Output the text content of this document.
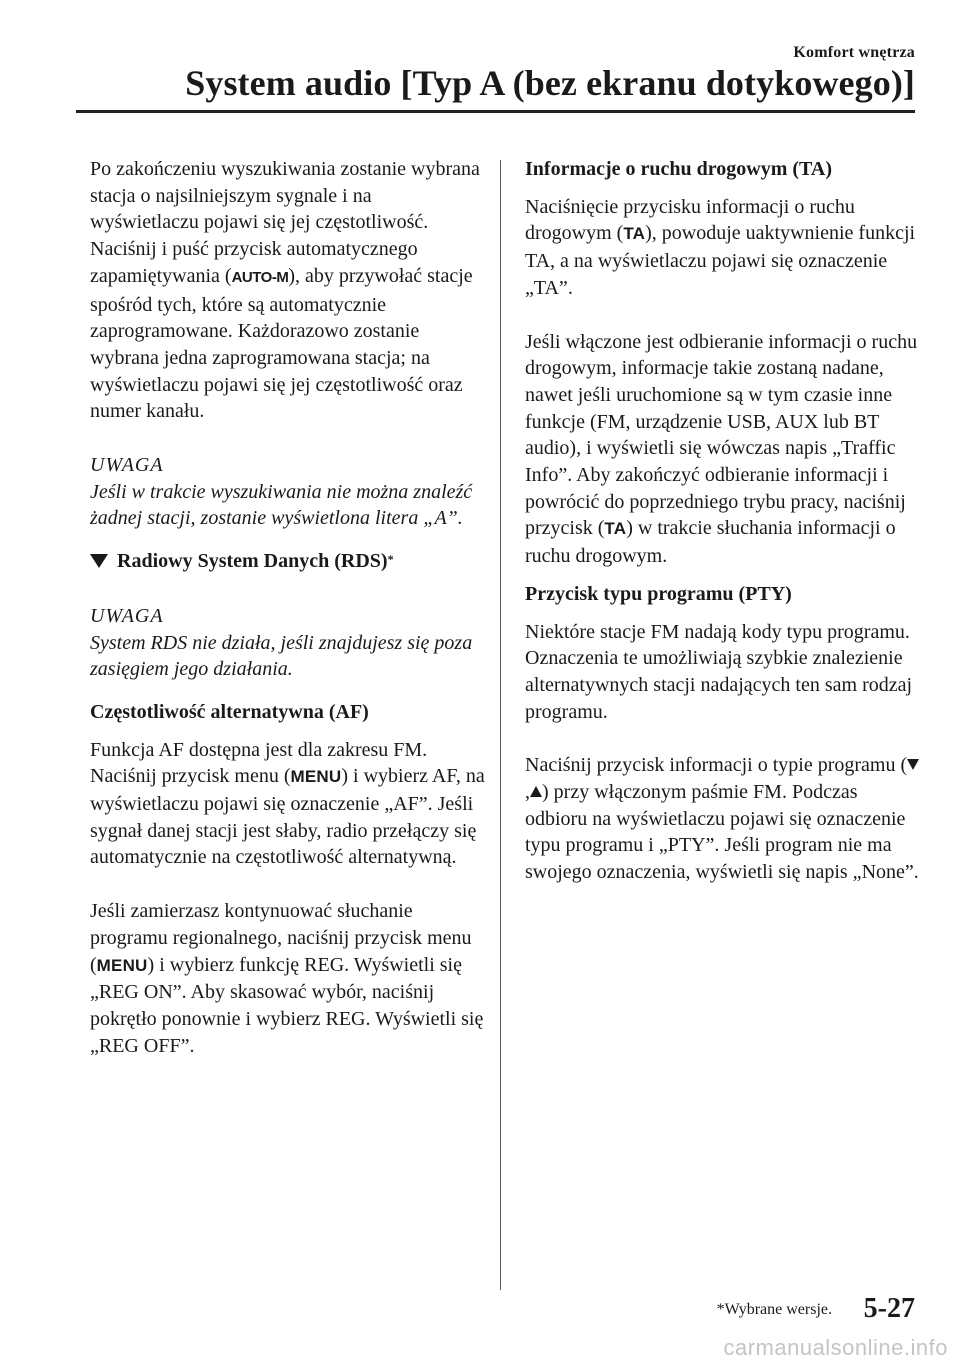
Komfort wnętrza
System audio [Typ A (bez ekranu dotykowego)]

Po zakończeniu wyszukiwania zostanie wybrana stacja o najsilniejszym sygnale i na wyświetlaczu pojawi się jej częstotliwość. Naciśnij i puść przycisk automatycznego zapamiętywania (AUTO-M), aby przywołać stacje spośród tych, które są automatycznie zaprogramowane. Każdorazowo zostanie wybrana jedna zaprogramowana stacja; na wyświetlaczu pojawi się jej częstotliwość oraz numer kanału.

UWAGA
Jeśli w trakcie wyszukiwania nie można znaleźć żadnej stacji, zostanie wyświetlona litera „A”.
Radiowy System Danych (RDS)*
UWAGA
System RDS nie działa, jeśli znajdujesz się poza zasięgiem jego działania.
Częstotliwość alternatywna (AF)

Funkcja AF dostępna jest dla zakresu FM. Naciśnij przycisk menu (MENU) i wybierz AF, na wyświetlaczu pojawi się oznaczenie „AF”. Jeśli sygnał danej stacji jest słaby, radio przełączy się automatycznie na częstotliwość alternatywną.

Jeśli zamierzasz kontynuować słuchanie programu regionalnego, naciśnij przycisk menu (MENU) i wybierz funkcję REG. Wyświetli się „REG ON”. Aby skasować wybór, naciśnij pokrętło ponownie i wybierz REG. Wyświetli się „REG OFF”.

Informacje o ruchu drogowym (TA)

Naciśnięcie przycisku informacji o ruchu drogowym (TA), powoduje uaktywnienie funkcji TA, a na wyświetlaczu pojawi się oznaczenie „TA”.

Jeśli włączone jest odbieranie informacji o ruchu drogowym, informacje takie zostaną nadane, nawet jeśli uruchomione są w tym czasie inne funkcje (FM, urządzenie USB, AUX lub BT audio), i wyświetli się wówczas napis „Traffic Info”. Aby zakończyć odbieranie informacji i powrócić do poprzedniego trybu pracy, naciśnij przycisk (TA) w trakcie słuchania informacji o ruchu drogowym.

Przycisk typu programu (PTY)

Niektóre stacje FM nadają kody typu programu. Oznaczenia te umożliwiają szybkie znalezienie alternatywnych stacji nadających ten sam rodzaj programu.

Naciśnij przycisk informacji o typie programu (, ) przy włączonym paśmie FM. Podczas odbioru na wyświetlaczu pojawi się oznaczenie typu programu i „PTY”. Jeśli program nie ma swojego oznaczenia, wyświetli się napis „None”.

*Wybrane wersje. 5-27
carmanualsonline.info
